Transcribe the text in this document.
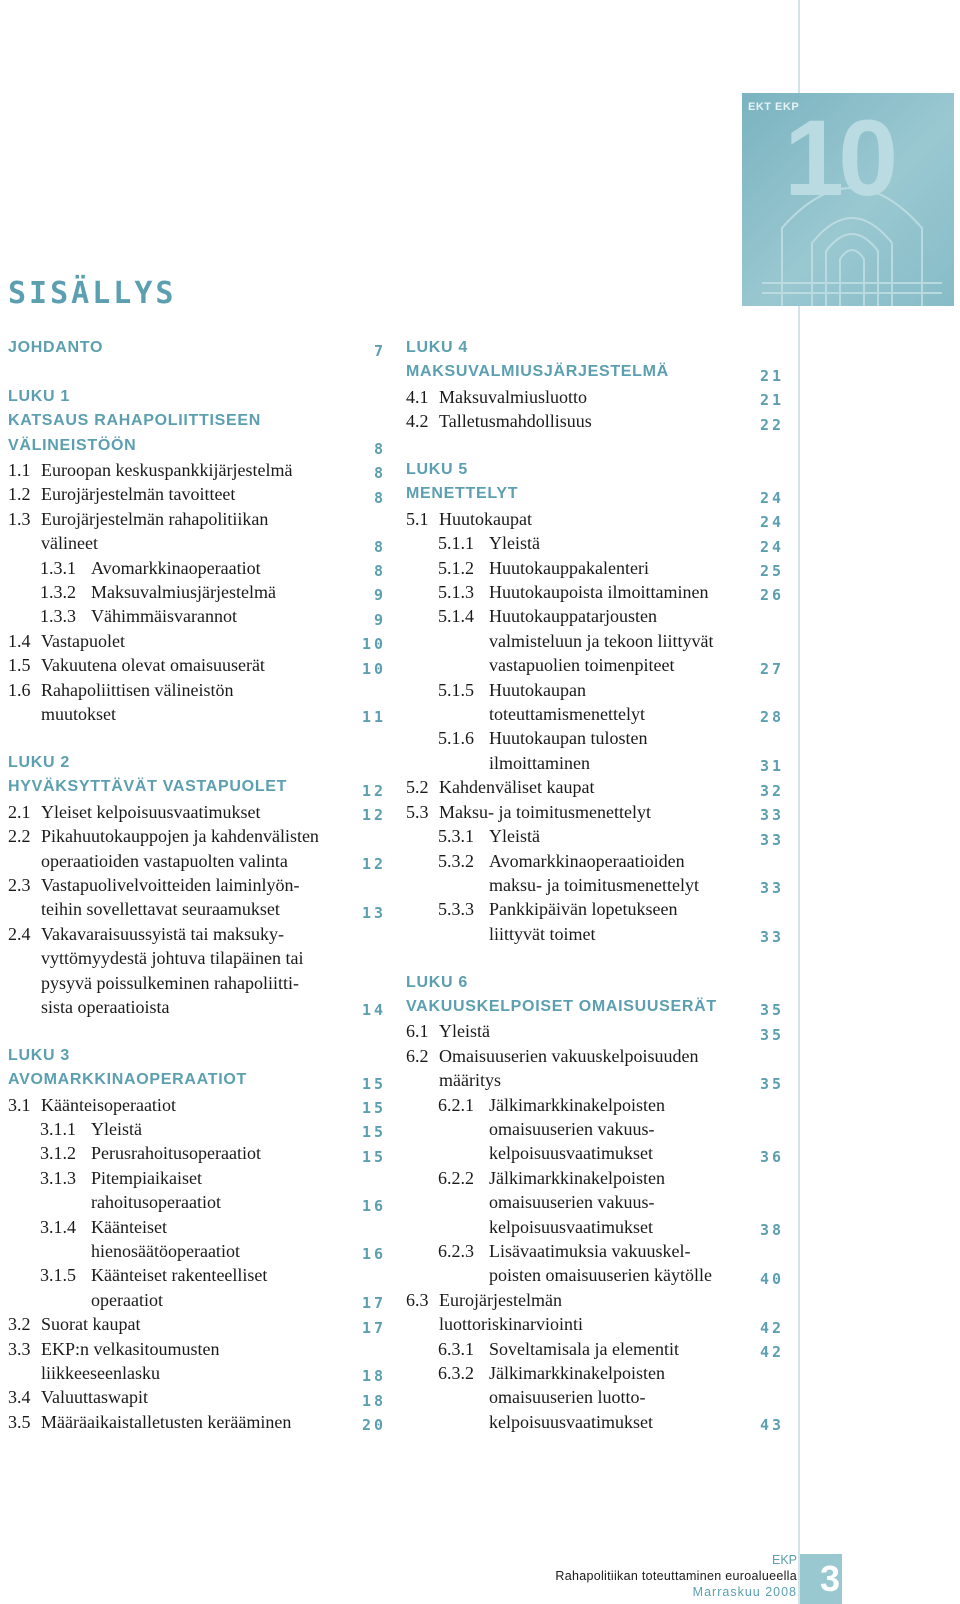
EKT EKP
10
SISÄLLYS
JOHDANTO	7
LUKU 1
KATSAUS RAHAPOLIITTISEEN
VÄLINEISTÖÖN	8
1.1 Euroopan keskuspankkijärjestelmä	8
1.2 Eurojärjestelmän tavoitteet	8
1.3 Eurojärjestelmän rahapolitiikan
välineet	8
1.3.1 Avomarkkinaoperaatiot	8
1.3.2 Maksuvalmiusjärjestelmä	9
1.3.3 Vähimmäisvarannot	9
1.4 Vastapuolet	10
1.5 Vakuutena olevat omaisuuserät	10
1.6 Rahapoliittisen välineistön
muutokset	11
LUKU 2
HYVÄKSYTTÄVÄT VASTAPUOLET	12
2.1 Yleiset kelpoisuusvaatimukset	12
2.2 Pikahuutokauppojen ja kahdenvälisten
operaatioiden vastapuolten valinta	12
2.3 Vastapuolivelvoitteiden laiminlyön-
teihin sovellettavat seuraamukset	13
2.4 Vakavaraisuussyistä tai maksuky-
vyttömyydestä johtuva tilapäinen tai
pysyvä poissulkeminen rahapoliitti-
sista operaatioista	14
LUKU 3
AVOMARKKINAOPERAATIOT	15
3.1 Käänteisoperaatiot	15
3.1.1 Yleistä	15
3.1.2 Perusrahoitusoperaatiot	15
3.1.3 Pitempiaikaiset
rahoitusoperaatiot	16
3.1.4 Käänteiset
hienosäätöoperaatiot	16
3.1.5 Käänteiset rakenteelliset
operaatiot	17
3.2 Suorat kaupat	17
3.3 EKP:n velkasitoumusten
liikkeeseenlasku	18
3.4 Valuuttaswapit	18
3.5 Määräaikaistalletusten kerääminen	20
LUKU 4
MAKSUVALMIUSJÄRJESTELMÄ	21
4.1 Maksuvalmiusluotto	21
4.2 Talletusmahdollisuus	22
LUKU 5
MENETTELYT	24
5.1 Huutokaupat	24
5.1.1 Yleistä	24
5.1.2 Huutokauppakalenteri	25
5.1.3 Huutokaupoista ilmoittaminen	26
5.1.4 Huutokauppatarjousten
valmisteluun ja tekoon liittyvät
vastapuolien toimenpiteet	27
5.1.5 Huutokaupan
toteuttamismenettelyt	28
5.1.6 Huutokaupan tulosten
ilmoittaminen	31
5.2 Kahdenväliset kaupat	32
5.3 Maksu- ja toimitusmenettelyt	33
5.3.1 Yleistä	33
5.3.2 Avomarkkinaoperaatioiden
maksu- ja toimitusmenettelyt	33
5.3.3 Pankkipäivän lopetukseen
liittyvät toimet	33
LUKU 6
VAKUUSKELPOISET OMAISUUSERÄT	35
6.1 Yleistä	35
6.2 Omaisuuserien vakuuskelpoisuuden
määritys	35
6.2.1 Jälkimarkkinakelpoisten
omaisuuserien vakuus-
kelpoisuusvaatimukset	36
6.2.2 Jälkimarkkinakelpoisten
omaisuuserien vakuus-
kelpoisuusvaatimukset	38
6.2.3 Lisävaatimuksia vakuuskel-
poisten omaisuuserien käytölle	40
6.3 Eurojärjestelmän
luottoriskinarviointi	42
6.3.1 Soveltamisala ja elementit	42
6.3.2 Jälkimarkkinakelpoisten
omaisuuserien luotto-
kelpoisuusvaatimukset	43
EKP
Rahapolitiikan toteuttaminen euroalueella
Marraskuu 2008 3
